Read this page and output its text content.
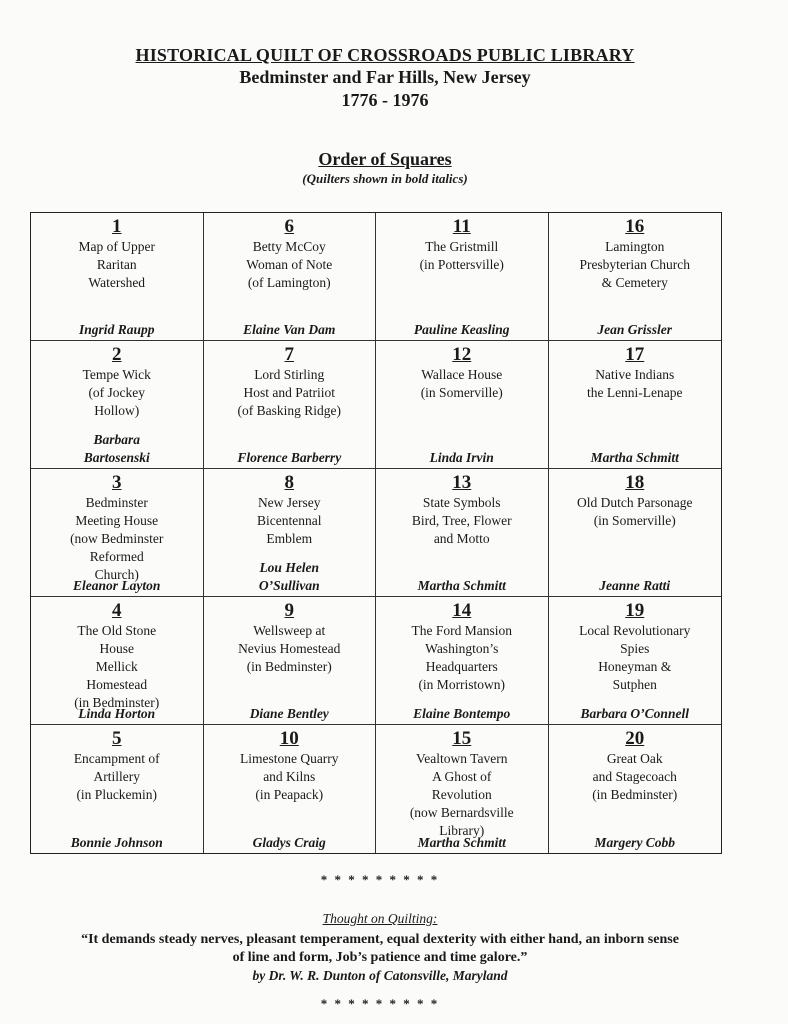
HISTORICAL QUILT OF CROSSROADS PUBLIC LIBRARY
Bedminster and Far Hills, New Jersey
1776 - 1976
Order of Squares
(Quilters shown in bold italics)
1
Map of Upper
Raritan
Watershed
Ingrid Raupp
6
Betty McCoy
Woman of Note
(of Lamington)
Elaine Van Dam
11
The Gristmill
(in Pottersville)
Pauline Keasling
16
Lamington
Presbyterian Church
& Cemetery
Jean Grissler
2
Tempe Wick
(of Jockey
Hollow)
Barbara
Bartosenski
7
Lord Stirling
Host and Patriiot
(of Basking Ridge)
Florence Barberry
12
Wallace House
(in Somerville)
Linda Irvin
17
Native Indians
the Lenni-Lenape
Martha Schmitt
3
Bedminster
Meeting House
(now Bedminster
Reformed
Church)
Eleanor Layton
8
New Jersey
Bicentennal
Emblem
Lou Helen
O’Sullivan
13
State Symbols
Bird, Tree, Flower
and Motto
Martha Schmitt
18
Old Dutch Parsonage
(in Somerville)
Jeanne Ratti
4
The Old Stone
House
Mellick
Homestead
(in Bedminster)
Linda Horton
9
Wellsweep at
Nevius Homestead
(in Bedminster)
Diane Bentley
14
The Ford Mansion
Washington’s
Headquarters
(in Morristown)
Elaine Bontempo
19
Local Revolutionary
Spies
Honeyman &
Sutphen
Barbara O’Connell
5
Encampment of
Artillery
(in Pluckemin)
Bonnie Johnson
10
Limestone Quarry
and Kilns
(in Peapack)
Gladys Craig
15
Vealtown Tavern
A Ghost of
Revolution
(now Bernardsville
Library)
Martha Schmitt
20
Great Oak
and Stagecoach
(in Bedminster)
Margery Cobb
* * * * * * * * *
Thought on Quilting:
“It demands steady nerves, pleasant temperament, equal dexterity with either hand, an inborn sense
of line and form, Job’s patience and time galore.”
by Dr. W. R. Dunton of Catonsville, Maryland
* * * * * * * * *
